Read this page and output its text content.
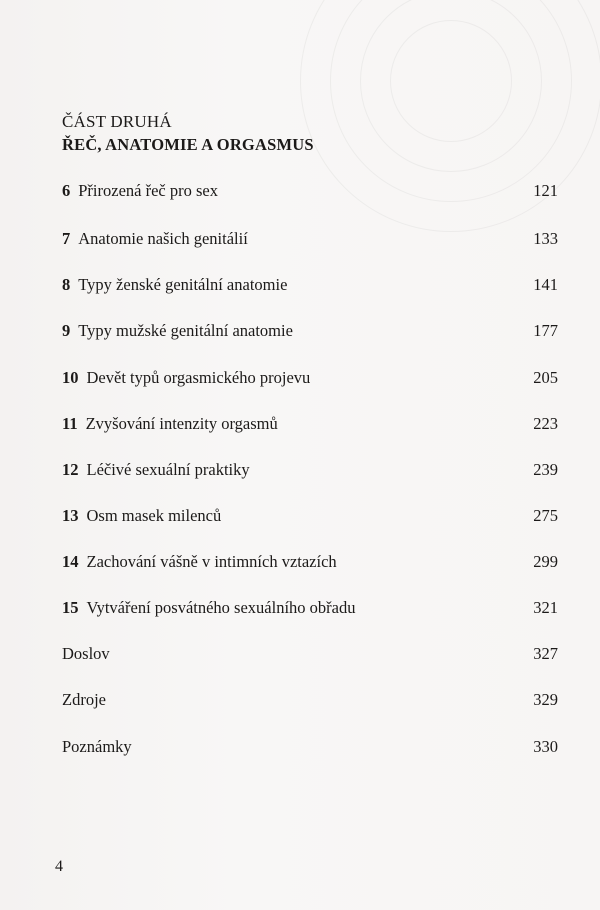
ČÁST DRUHÁ
ŘEČ, ANATOMIE A ORGASMUS
6 Přirozená řeč pro sex	121
7 Anatomie našich genitálií	133
8 Typy ženské genitální anatomie	141
9 Typy mužské genitální anatomie	177
10 Devět typů orgasmického projevu	205
11 Zvyšování intenzity orgasmů	223
12 Léčivé sexuální praktiky	239
13 Osm masek milenců	275
14 Zachování vášně v intimních vztazích	299
15 Vytváření posvátného sexuálního obřadu	321
Doslov	327
Zdroje	329
Poznámky	330
4
